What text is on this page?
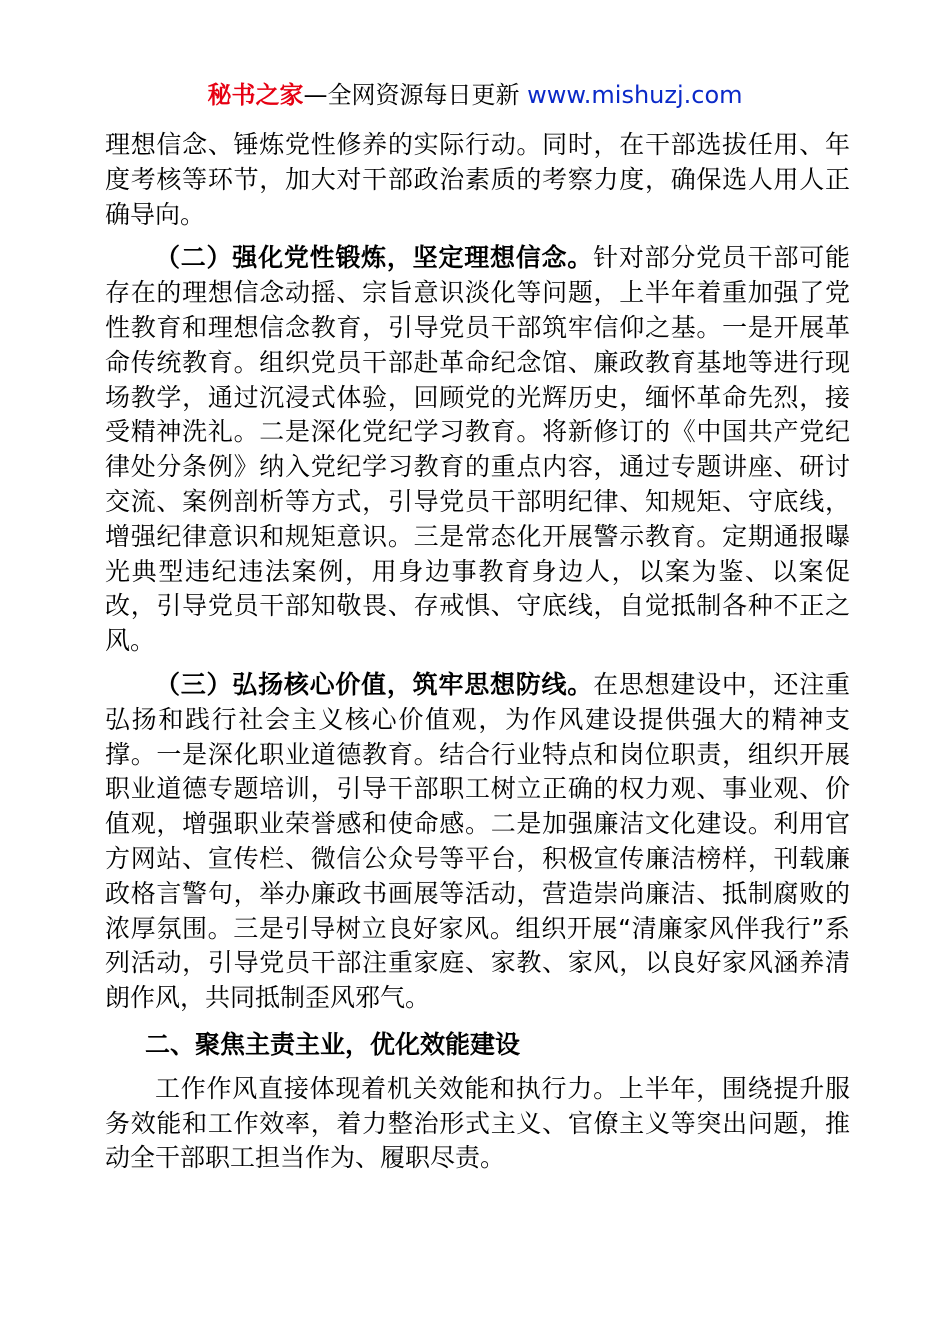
秘书之家—全网资源每日更新 www.mishuzj.com

理想信念、锤炼党性修养的实际行动。同时，在干部选拔任用、年度考核等环节，加大对干部政治素质的考察力度，确保选人用人正确导向。

（二）强化党性锻炼，坚定理想信念。针对部分党员干部可能存在的理想信念动摇、宗旨意识淡化等问题，上半年着重加强了党性教育和理想信念教育，引导党员干部筑牢信仰之基。一是开展革命传统教育。组织党员干部赴革命纪念馆、廉政教育基地等进行现场教学，通过沉浸式体验，回顾党的光辉历史，缅怀革命先烈，接受精神洗礼。二是深化党纪学习教育。将新修订的《中国共产党纪律处分条例》纳入党纪学习教育的重点内容，通过专题讲座、研讨交流、案例剖析等方式，引导党员干部明纪律、知规矩、守底线，增强纪律意识和规矩意识。三是常态化开展警示教育。定期通报曝光典型违纪违法案例，用身边事教育身边人，以案为鉴、以案促改，引导党员干部知敬畏、存戒惧、守底线，自觉抵制各种不正之风。

（三）弘扬核心价值，筑牢思想防线。在思想建设中，还注重弘扬和践行社会主义核心价值观，为作风建设提供强大的精神支撑。一是深化职业道德教育。结合行业特点和岗位职责，组织开展职业道德专题培训，引导干部职工树立正确的权力观、事业观、价值观，增强职业荣誉感和使命感。二是加强廉洁文化建设。利用官方网站、宣传栏、微信公众号等平台，积极宣传廉洁榜样，刊载廉政格言警句，举办廉政书画展等活动，营造崇尚廉洁、抵制腐败的浓厚氛围。三是引导树立良好家风。组织开展“清廉家风伴我行”系列活动，引导党员干部注重家庭、家教、家风，以良好家风涵养清朗作风，共同抵制歪风邪气。

二、聚焦主责主业，优化效能建设

工作作风直接体现着机关效能和执行力。上半年，围绕提升服务效能和工作效率，着力整治形式主义、官僚主义等突出问题，推动全干部职工担当作为、履职尽责。
